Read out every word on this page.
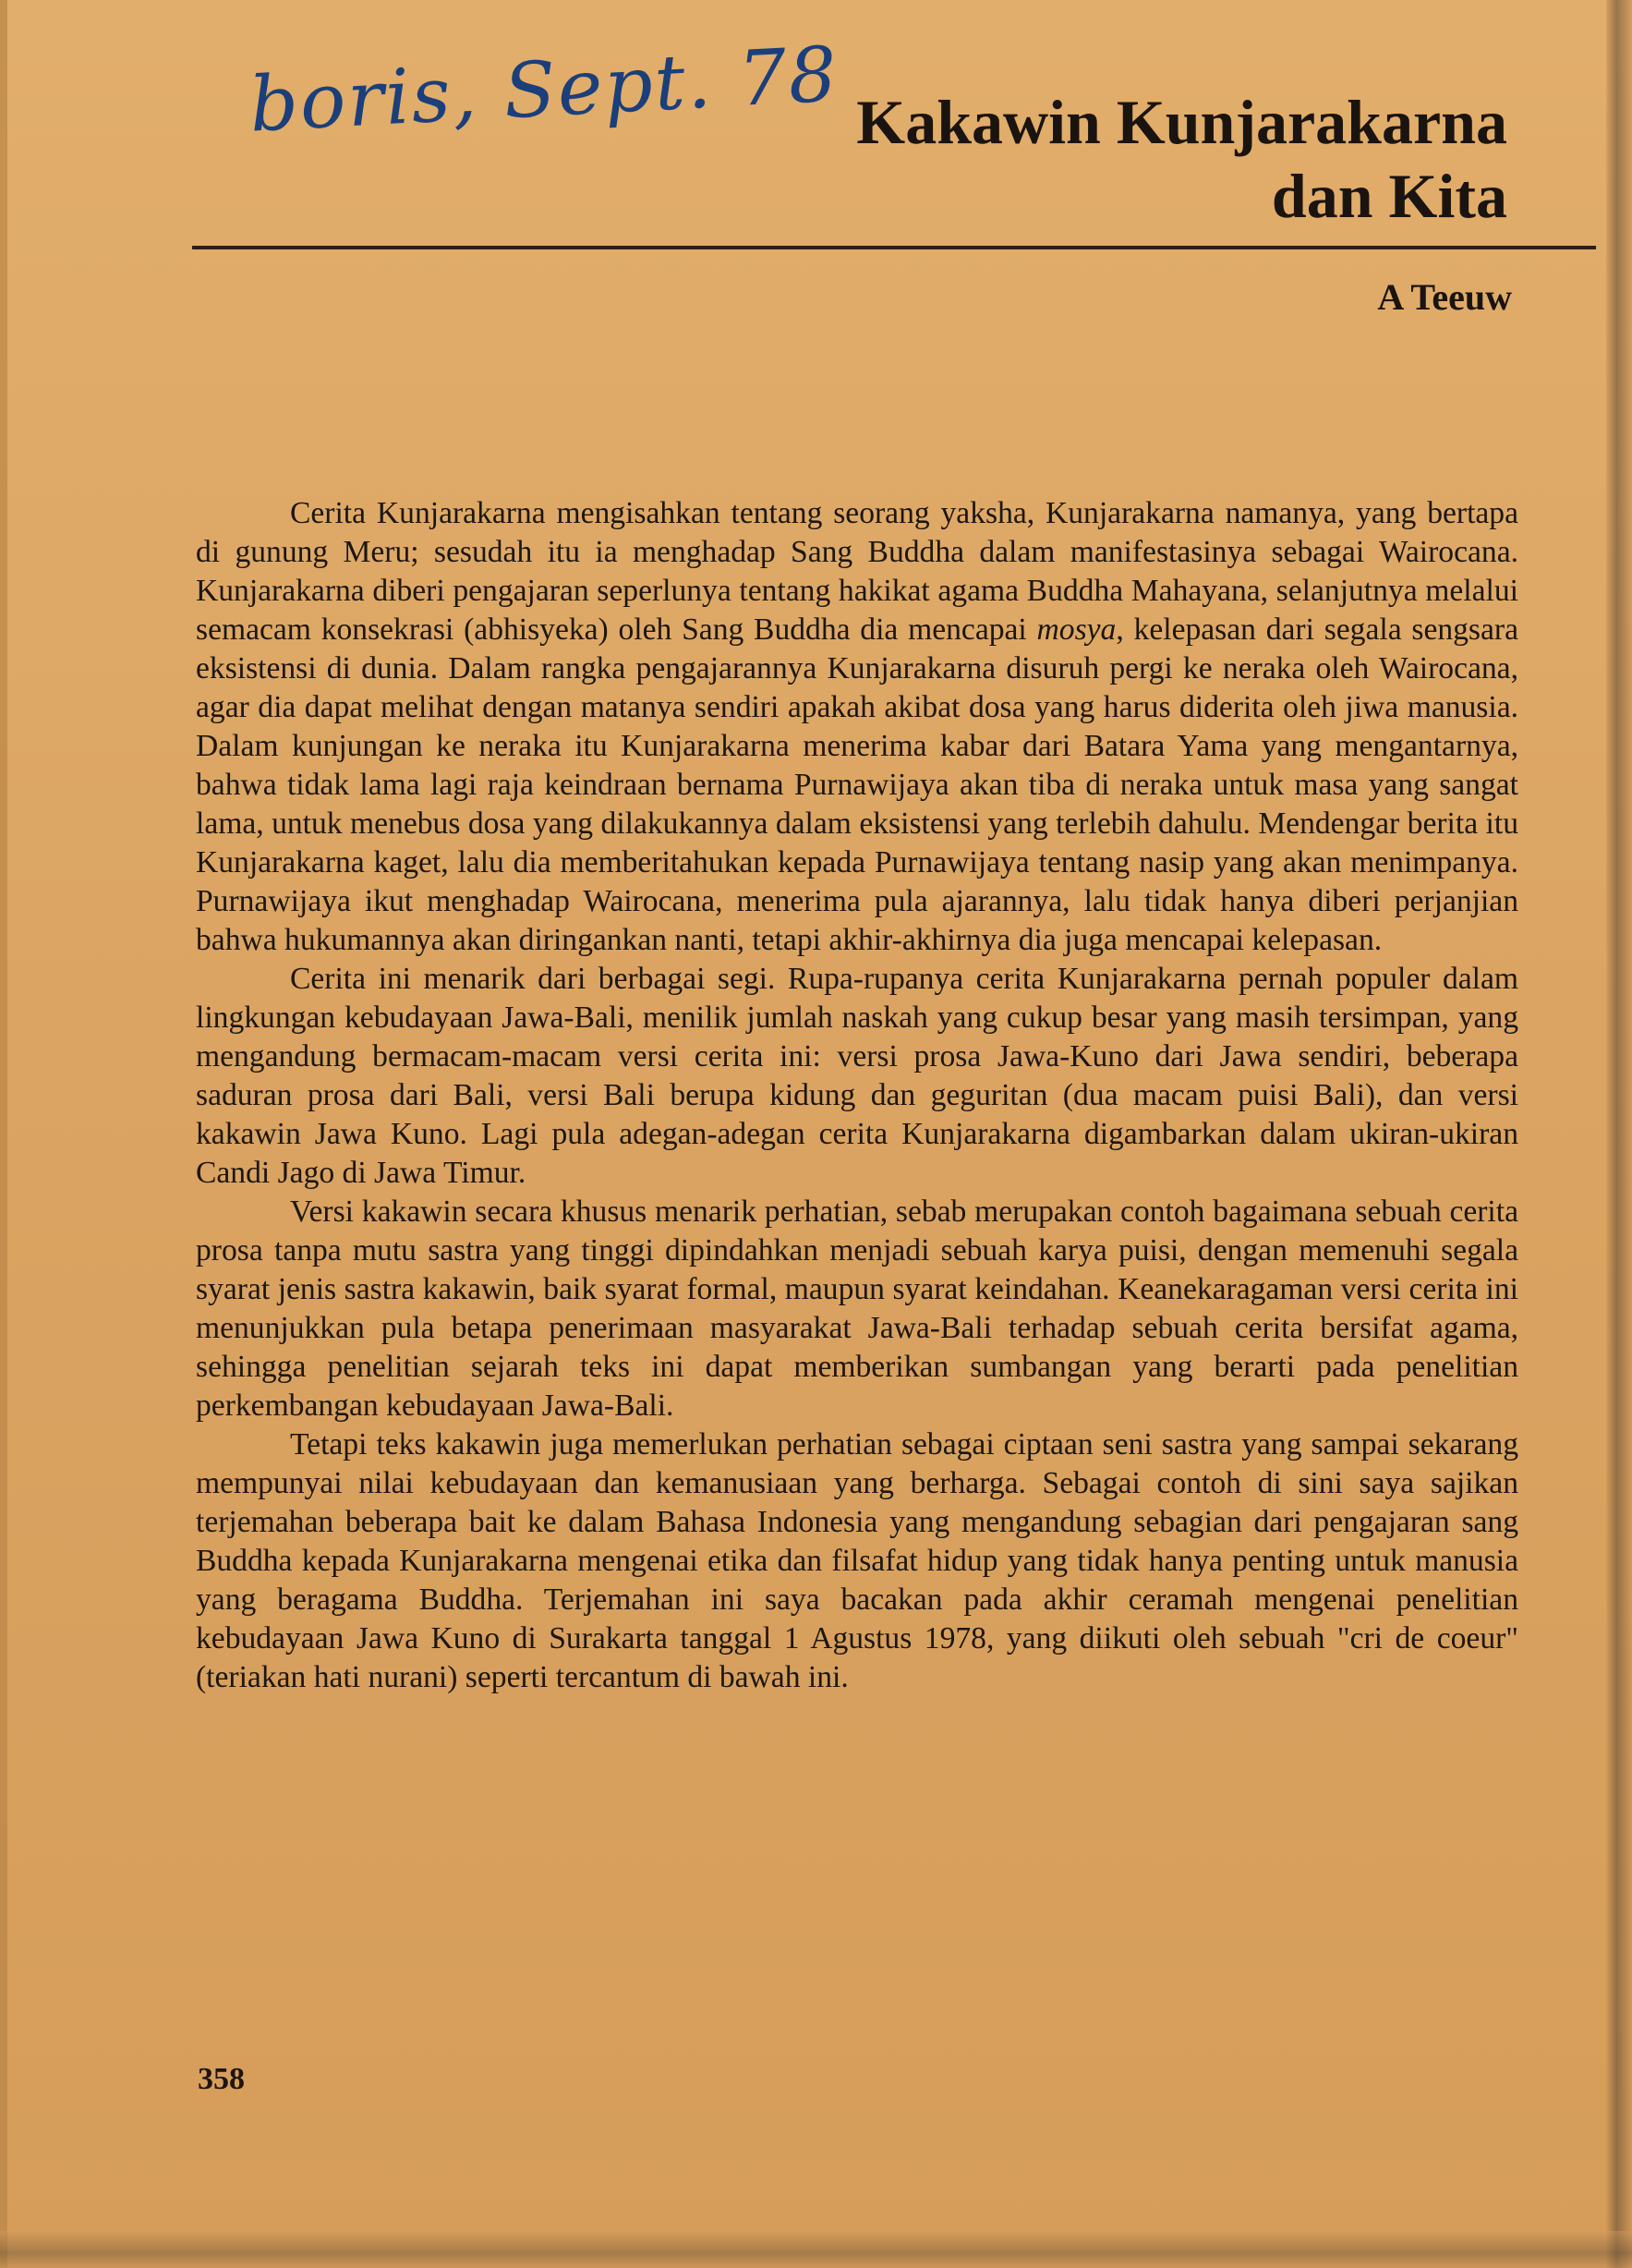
boris, Sept. 78 Kakawin Kunjarakarna
dan Kita
A Teeuw

Cerita Kunjarakarna mengisahkan tentang seorang yaksha, Kunjarakarna namanya, yang bertapa di gunung Meru; sesudah itu ia menghadap Sang Buddha dalam manifestasinya sebagai Wairocana. Kunjarakarna diberi pengajaran seperlunya tentang hakikat agama Buddha Mahayana, selanjutnya melalui semacam konsekrasi (abhisyeka) oleh Sang Buddha dia mencapai mosya, kelepasan dari segala sengsara eksistensi di dunia. Dalam rangka pengajarannya Kunjarakarna disuruh pergi ke neraka oleh Wairocana, agar dia dapat melihat dengan matanya sendiri apakah akibat dosa yang harus diderita oleh jiwa manusia. Dalam kunjungan ke neraka itu Kunjarakarna menerima kabar dari Batara Yama yang mengantarnya, bahwa tidak lama lagi raja keindraan bernama Purnawijaya akan tiba di neraka untuk masa yang sangat lama, untuk menebus dosa yang dilakukannya dalam eksistensi yang terlebih dahulu. Mendengar berita itu Kunjarakarna kaget, lalu dia memberitahukan kepada Purnawijaya tentang nasip yang akan menimpanya. Purnawijaya ikut menghadap Wairocana, menerima pula ajarannya, lalu tidak hanya diberi perjanjian bahwa hukumannya akan diringankan nanti, tetapi akhir-akhirnya dia juga mencapai kelepasan.

Cerita ini menarik dari berbagai segi. Rupa-rupanya cerita Kunjarakarna pernah populer dalam lingkungan kebudayaan Jawa-Bali, menilik jumlah naskah yang cukup besar yang masih tersimpan, yang mengandung bermacam-macam versi cerita ini: versi prosa Jawa-Kuno dari Jawa sendiri, beberapa saduran prosa dari Bali, versi Bali berupa kidung dan geguritan (dua macam puisi Bali), dan versi kakawin Jawa Kuno. Lagi pula adegan-adegan cerita Kunjarakarna digambarkan dalam ukiran-ukiran Candi Jago di Jawa Timur.

Versi kakawin secara khusus menarik perhatian, sebab merupakan contoh bagaimana sebuah cerita prosa tanpa mutu sastra yang tinggi dipindahkan menjadi sebuah karya puisi, dengan memenuhi segala syarat jenis sastra kakawin, baik syarat formal, maupun syarat keindahan. Keanekaragaman versi cerita ini menunjukkan pula betapa penerimaan masyarakat Jawa-Bali terhadap sebuah cerita bersifat agama, sehingga penelitian sejarah teks ini dapat memberikan sumbangan yang berarti pada penelitian perkembangan kebudayaan Jawa-Bali.

Tetapi teks kakawin juga memerlukan perhatian sebagai ciptaan seni sastra yang sampai sekarang mempunyai nilai kebudayaan dan kemanusiaan yang berharga. Sebagai contoh di sini saya sajikan terjemahan beberapa bait ke dalam Bahasa Indonesia yang mengandung sebagian dari pengajaran sang Buddha kepada Kunjarakarna mengenai etika dan filsafat hidup yang tidak hanya penting untuk manusia yang beragama Buddha. Terjemahan ini saya bacakan pada akhir ceramah mengenai penelitian kebudayaan Jawa Kuno di Surakarta tanggal 1 Agustus 1978, yang diikuti oleh sebuah "cri de coeur" (teriakan hati nurani) seperti tercantum di bawah ini.

358
